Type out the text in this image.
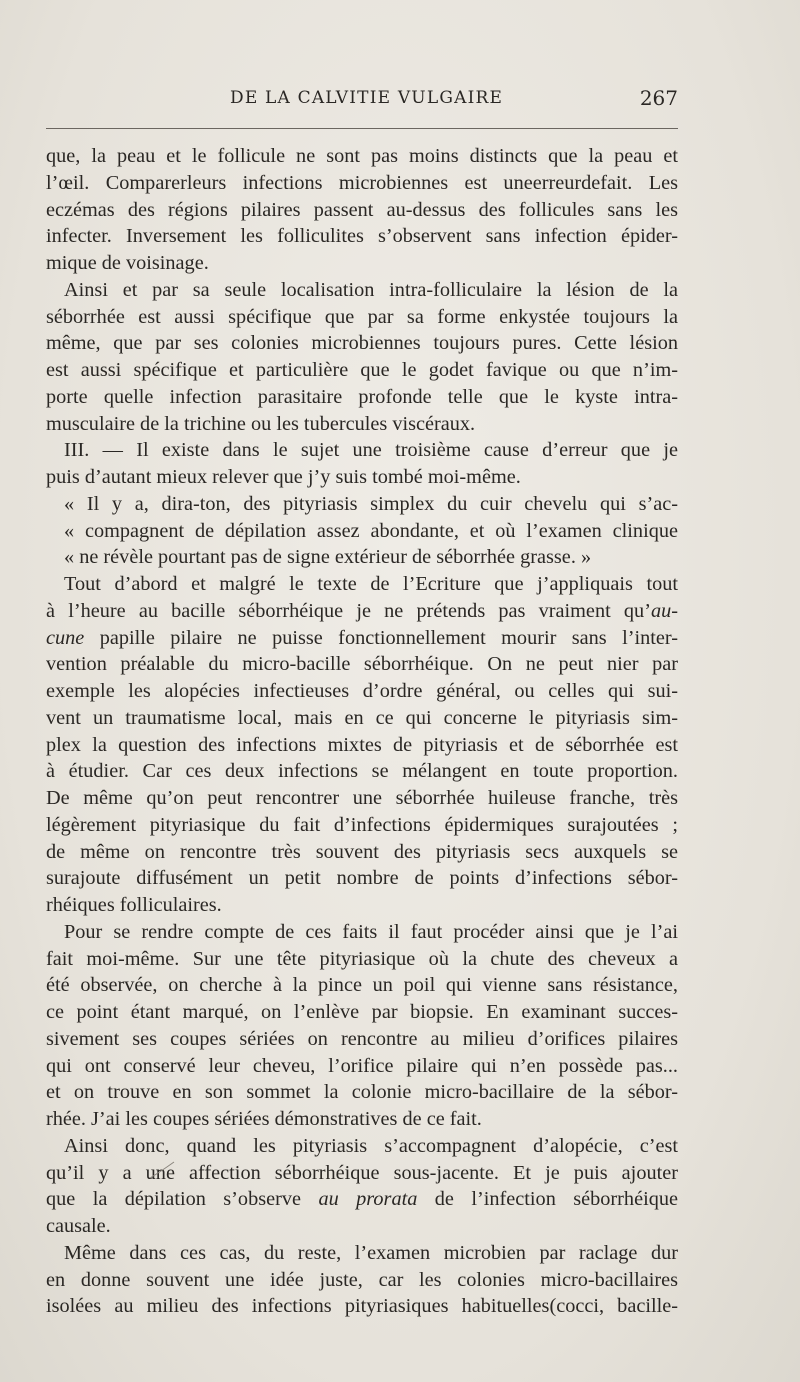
DE LA CALVITIE VULGAIRE	267
que, la peau et le follicule ne sont pas moins distincts que la peau et
l’œil. Comparerleurs infections microbiennes est uneerreurdefait. Les
eczémas des régions pilaires passent au-dessus des follicules sans les
infecter. Inversement les folliculites s’observent sans infection épider-
mique de voisinage.
Ainsi et par sa seule localisation intra-folliculaire la lésion de la
séborrhée est aussi spécifique que par sa forme enkystée toujours la
même, que par ses colonies microbiennes toujours pures. Cette lésion
est aussi spécifique et particulière que le godet favique ou que n’im-
porte quelle infection parasitaire profonde telle que le kyste intra-
musculaire de la trichine ou les tubercules viscéraux.
III. — Il existe dans le sujet une troisième cause d’erreur que je
puis d’autant mieux relever que j’y suis tombé moi-même.
« Il y a, dira-ton, des pityriasis simplex du cuir chevelu qui s’ac-
« compagnent de dépilation assez abondante, et où l’examen clinique
« ne révèle pourtant pas de signe extérieur de séborrhée grasse. »
Tout d’abord et malgré le texte de l’Ecriture que j’appliquais tout
à l’heure au bacille séborrhéique je ne prétends pas vraiment qu’au-
cune papille pilaire ne puisse fonctionnellement mourir sans l’inter-
vention préalable du micro-bacille séborrhéique. On ne peut nier par
exemple les alopécies infectieuses d’ordre général, ou celles qui sui-
vent un traumatisme local, mais en ce qui concerne le pityriasis sim-
plex la question des infections mixtes de pityriasis et de séborrhée est
à étudier. Car ces deux infections se mélangent en toute proportion.
De même qu’on peut rencontrer une séborrhée huileuse franche, très
légèrement pityriasique du fait d’infections épidermiques surajoutées ;
de même on rencontre très souvent des pityriasis secs auxquels se
surajoute diffusément un petit nombre de points d’infections sébor-
rhéiques folliculaires.
Pour se rendre compte de ces faits il faut procéder ainsi que je l’ai
fait moi-même. Sur une tête pityriasique où la chute des cheveux a
été observée, on cherche à la pince un poil qui vienne sans résistance,
ce point étant marqué, on l’enlève par biopsie. En examinant succes-
sivement ses coupes sériées on rencontre au milieu d’orifices pilaires
qui ont conservé leur cheveu, l’orifice pilaire qui n’en possède pas...
et on trouve en son sommet la colonie micro-bacillaire de la sébor-
rhée. J’ai les coupes sériées démonstratives de ce fait.
Ainsi donc, quand les pityriasis s’accompagnent d’alopécie, c’est
qu’il y a une affection séborrhéique sous-jacente. Et je puis ajouter
que la dépilation s’observe au prorata de l’infection séborrhéique
causale.
Même dans ces cas, du reste, l’examen microbien par raclage dur
en donne souvent une idée juste, car les colonies micro-bacillaires
isolées au milieu des infections pityriasiques habituelles(cocci, bacille-
